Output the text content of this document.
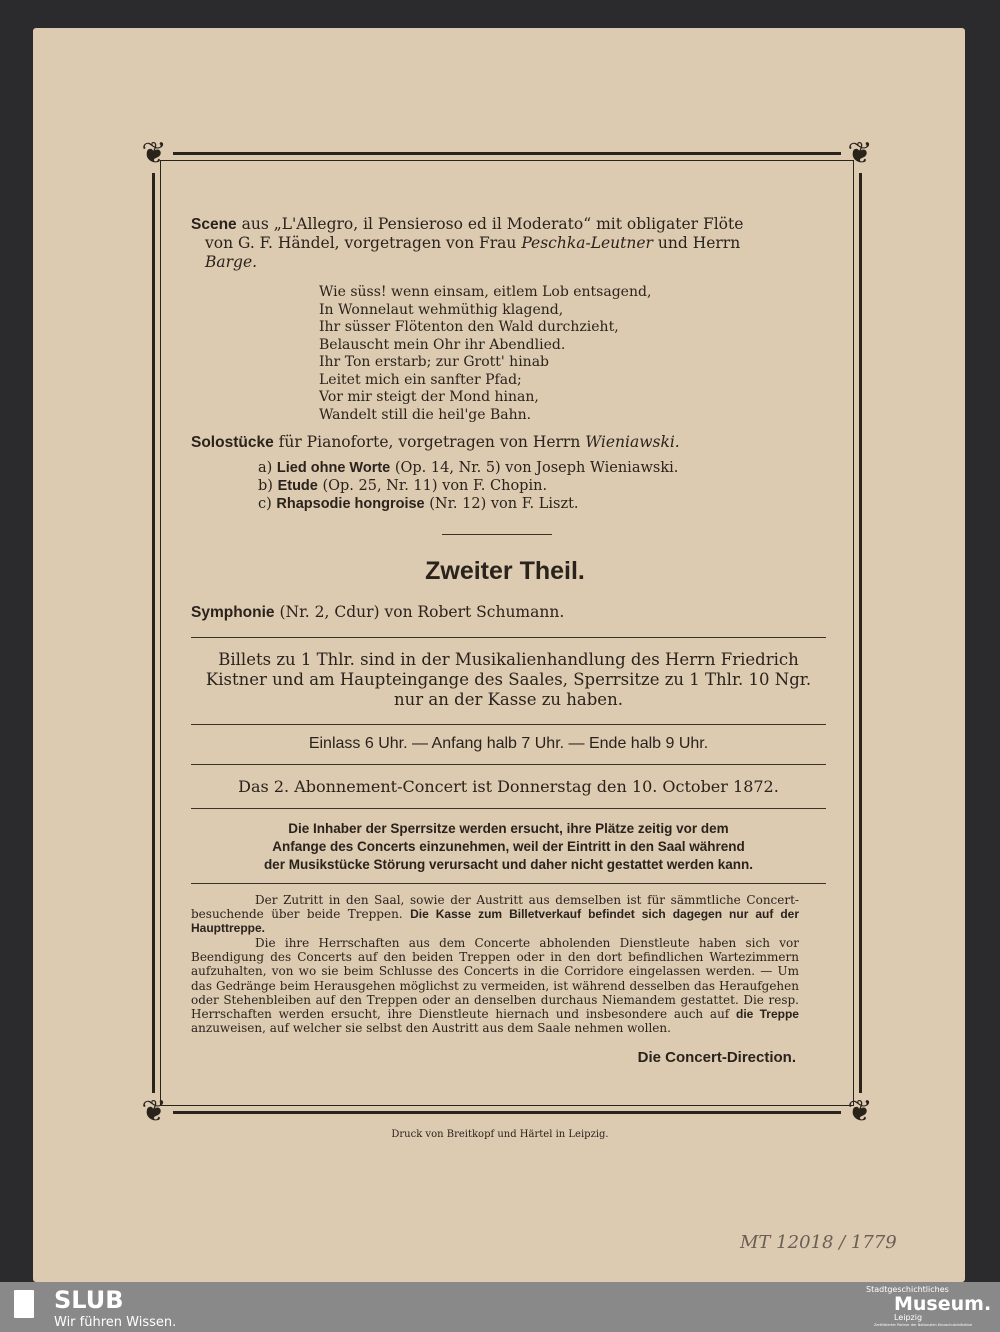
❦	❦
❦	❦
Scene aus „L'Allegro, il Pensieroso ed il Moderato“ mit obligater Flöte
von G. F. Händel, vorgetragen von Frau Peschka-Leutner und Herrn
Barge.
Wie süss! wenn einsam, eitlem Lob entsagend,
In Wonnelaut wehmüthig klagend,
Ihr süsser Flötenton den Wald durchzieht,
Belauscht mein Ohr ihr Abendlied.
Ihr Ton erstarb; zur Grott' hinab
Leitet mich ein sanfter Pfad;
Vor mir steigt der Mond hinan,
Wandelt still die heil'ge Bahn.
Solostücke für Pianoforte, vorgetragen von Herrn Wieniawski.
a) Lied ohne Worte (Op. 14, Nr. 5) von Joseph Wieniawski.
b) Etude (Op. 25, Nr. 11) von F. Chopin.
c) Rhapsodie hongroise (Nr. 12) von F. Liszt.
Zweiter Theil.
Symphonie (Nr. 2, Cdur) von Robert Schumann.
Billets zu 1 Thlr. sind in der Musikalienhandlung des Herrn Friedrich
Kistner und am Haupteingange des Saales, Sperrsitze zu 1 Thlr. 10 Ngr.
nur an der Kasse zu haben.
Einlass 6 Uhr. — Anfang halb 7 Uhr. — Ende halb 9 Uhr.
Das 2. Abonnement-Concert ist Donnerstag den 10. October 1872.
Die Inhaber der Sperrsitze werden ersucht, ihre Plätze zeitig vor dem
Anfange des Concerts einzunehmen, weil der Eintritt in den Saal während
der Musikstücke Störung verursacht und daher nicht gestattet werden kann.
Der Zutritt in den Saal, sowie der Austritt aus demselben ist für sämmtliche Concert-besuchende über beide Treppen. Die Kasse zum Billetverkauf befindet sich dagegen nur auf der Haupttreppe.
Die ihre Herrschaften aus dem Concerte abholenden Dienstleute haben sich vor Beendigung des Concerts auf den beiden Treppen oder in den dort befindlichen Wartezimmern aufzuhalten, von wo sie beim Schlusse des Concerts in die Corridore eingelassen werden. — Um das Gedränge beim Herausgehen möglichst zu vermeiden, ist während desselben das Heraufgehen oder Stehenbleiben auf den Treppen oder an denselben durchaus Niemandem gestattet. Die resp. Herrschaften werden ersucht, ihre Dienstleute hiernach und insbesondere auch auf die Treppe anzuweisen, auf welcher sie selbst den Austritt aus dem Saale nehmen wollen.
Die Concert-Direction.
Druck von Breitkopf und Härtel in Leipzig.
MT 12018 / 1779
SLUB
Wir führen Wissen.
Stadtgeschichtliches
Museum.
Leipzig
Zertifizierter Partner der Nationalen Kinoschutzinitiative
